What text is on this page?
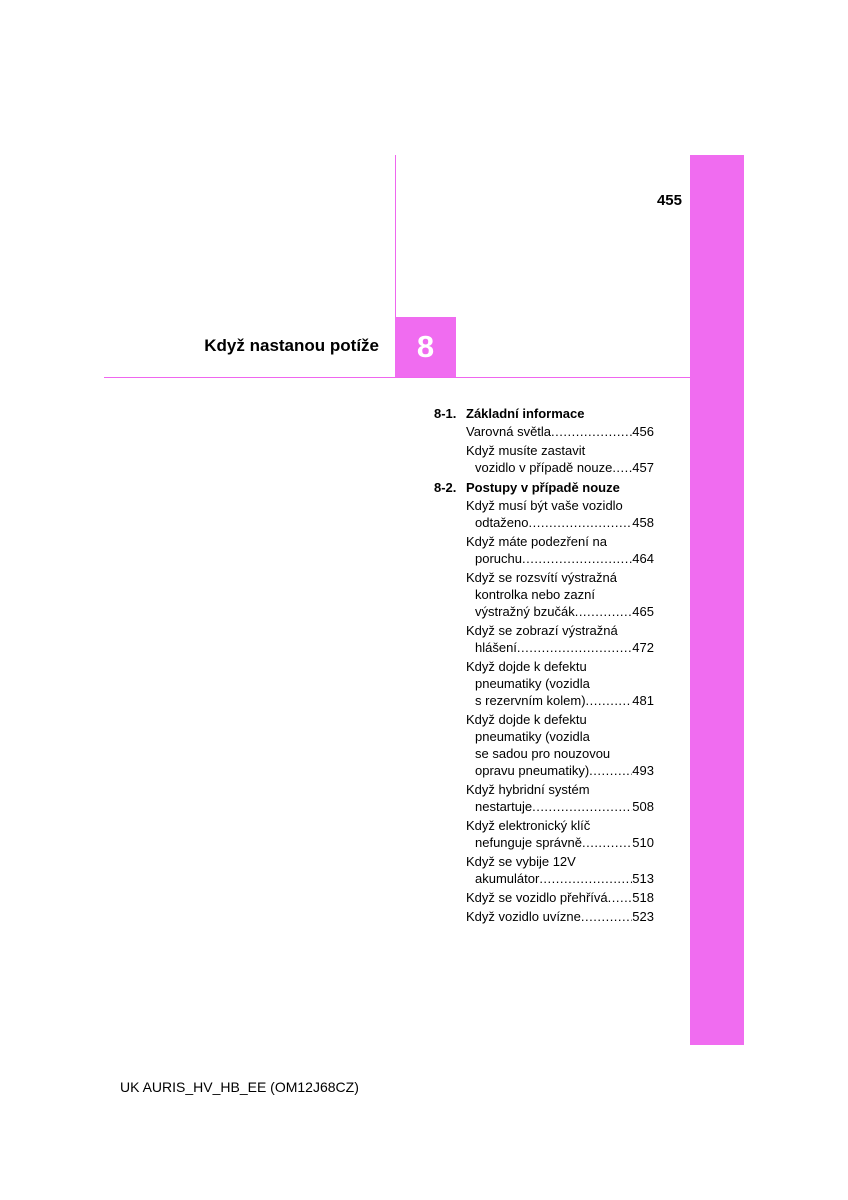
455
8
Když nastanou potíže
8-1. Základní informace
Varovná světla .....	456
Když musíte zastavit
vozidlo v případě nouze ..... 457
8-2. Postupy v případě nouze
Když musí být vaše vozidlo
odtaženo .....	458
Když máte podezření na
poruchu .....	464
Když se rozsvítí výstražná
kontrolka nebo zazní
výstražný bzučák .....	465
Když se zobrazí výstražná
hlášení .....	472
Když dojde k defektu
pneumatiky (vozidla
s rezervním kolem) .....	481
Když dojde k defektu
pneumatiky (vozidla
se sadou pro nouzovou
opravu pneumatiky) .....	493
Když hybridní systém
nestartuje .....	508
Když elektronický klíč
nefunguje správně .....	510
Když se vybije 12V
akumulátor .....	513
Když se vozidlo přehřívá ..... 518
Když vozidlo uvízne .....	523
UK AURIS_HV_HB_EE (OM12J68CZ)
